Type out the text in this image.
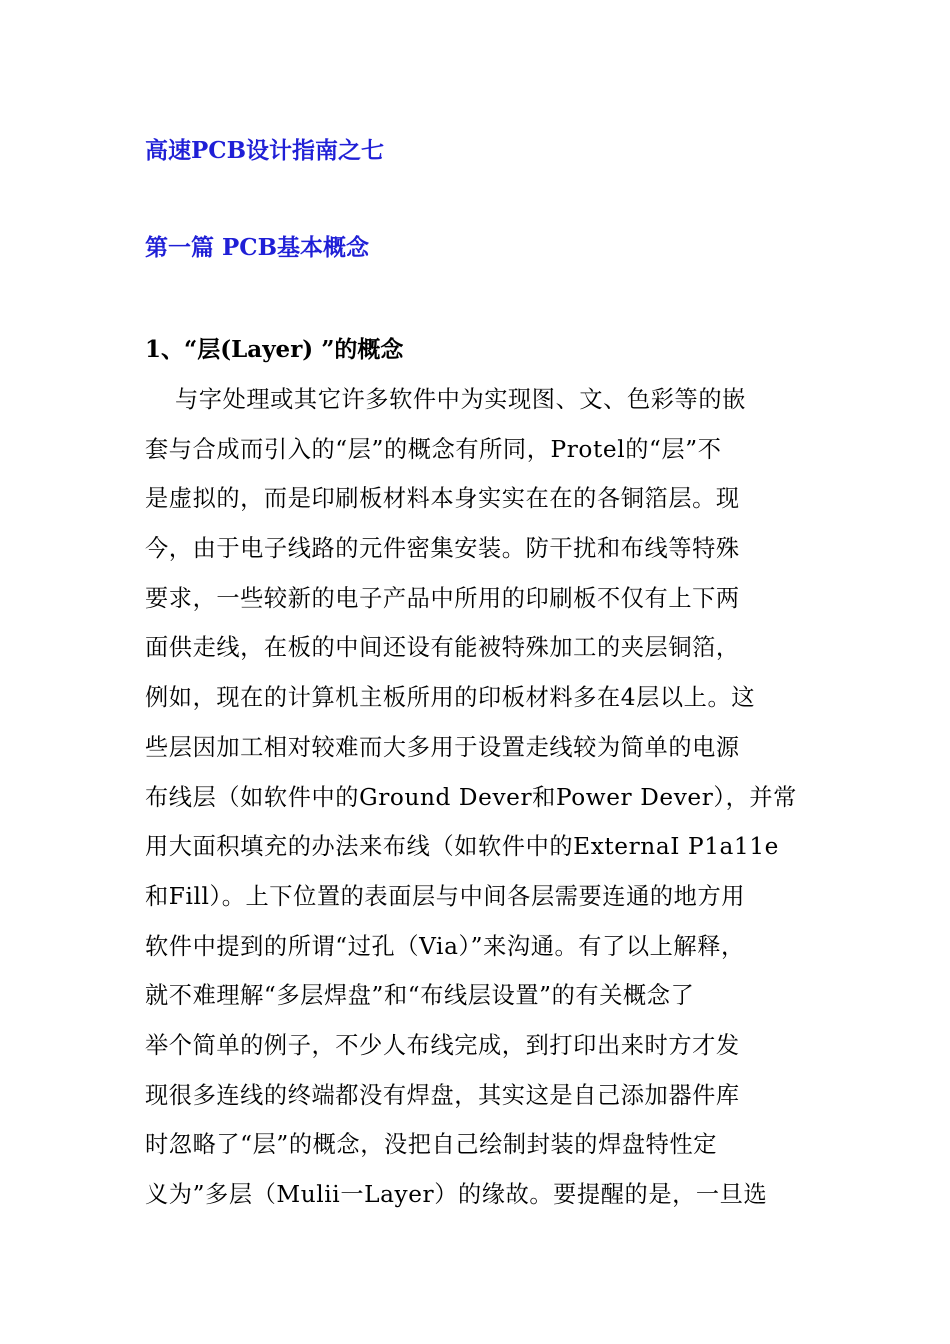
高速PCB设计指南之七
第一篇 PCB基本概念
1、“层(Layer) ”的概念
与字处理或其它许多软件中为实现图、文、色彩等的嵌
套与合成而引入的“层”的概念有所同，Protel的“层”不
是虚拟的，而是印刷板材料本身实实在在的各铜箔层。现
今，由于电子线路的元件密集安装。防干扰和布线等特殊
要求，一些较新的电子产品中所用的印刷板不仅有上下两
面供走线，在板的中间还设有能被特殊加工的夹层铜箔，
例如，现在的计算机主板所用的印板材料多在4层以上。这
些层因加工相对较难而大多用于设置走线较为简单的电源
布线层（如软件中的Ground Dever和Power Dever），并常
用大面积填充的办法来布线（如软件中的ExternaI P1a11e
和Fill）。上下位置的表面层与中间各层需要连通的地方用
软件中提到的所谓“过孔（Via）”来沟通。有了以上解释，
就不难理解“多层焊盘”和“布线层设置”的有关概念了
举个简单的例子，不少人布线完成，到打印出来时方才发
现很多连线的终端都没有焊盘，其实这是自己添加器件库
时忽略了“层”的概念，没把自己绘制封装的焊盘特性定
义为”多层（Mulii一Layer）的缘故。要提醒的是，一旦选
